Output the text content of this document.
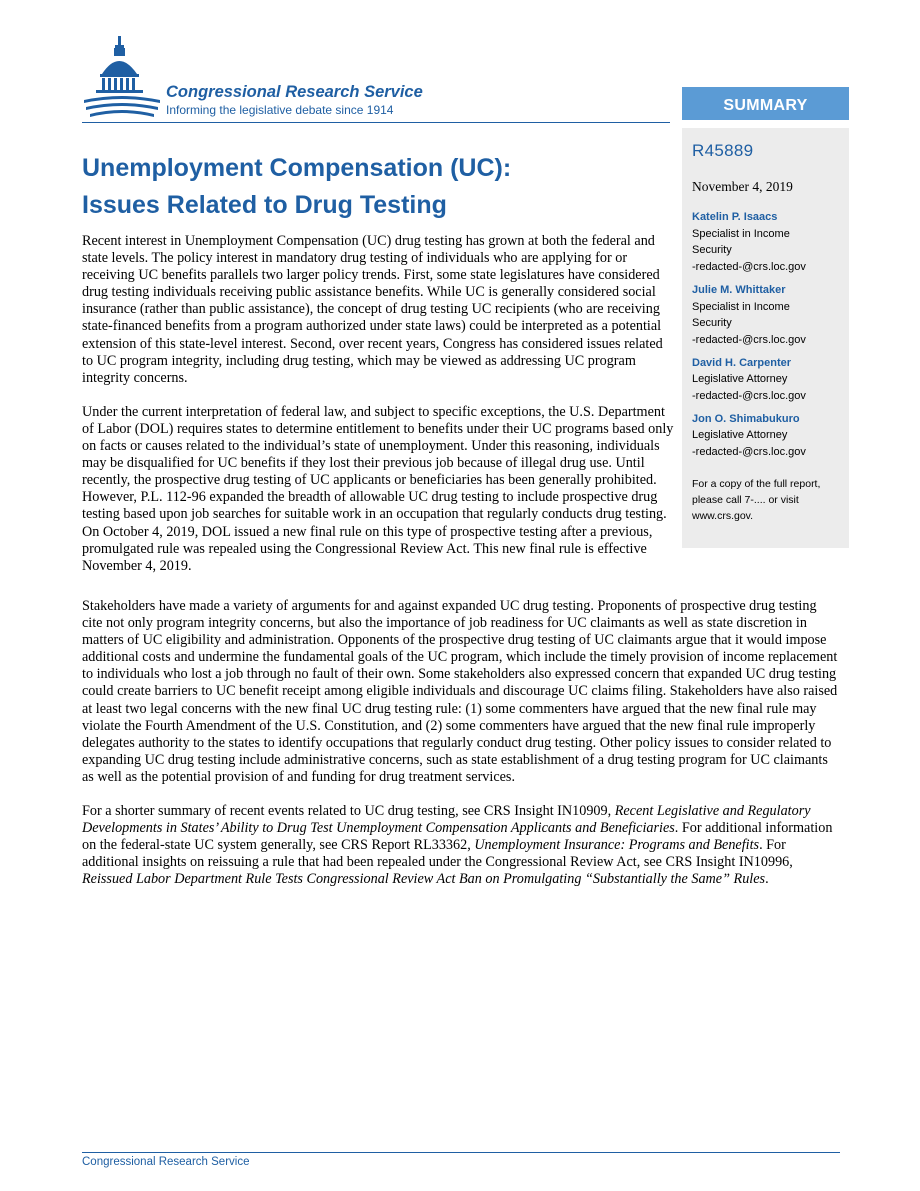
Congressional Research Service
Informing the legislative debate since 1914	SUMMARY
R45889
November 4, 2019
Katelin P. Isaacs
Specialist in Income
Security
-redacted-@crs.loc.gov
Julie M. Whittaker
Specialist in Income
Security
-redacted-@crs.loc.gov
David H. Carpenter
Legislative Attorney
-redacted-@crs.loc.gov
Jon O. Shimabukuro
Legislative Attorney
-redacted-@crs.loc.gov
For a copy of the full report,
please call 7-.... or visit
www.crs.gov.
Unemployment Compensation (UC):
Issues Related to Drug Testing

Recent interest in Unemployment Compensation (UC) drug testing has grown at both the federal and state levels. The policy interest in mandatory drug testing of individuals who are applying for or receiving UC benefits parallels two larger policy trends. First, some state legislatures have considered drug testing individuals receiving public assistance benefits. While UC is generally considered social insurance (rather than public assistance), the concept of drug testing UC recipients (who are receiving state-financed benefits from a program authorized under state laws) could be interpreted as a potential extension of this state-level interest. Second, over recent years, Congress has considered issues related to UC program integrity, including drug testing, which may be viewed as addressing UC program integrity concerns.

Under the current interpretation of federal law, and subject to specific exceptions, the U.S. Department of Labor (DOL) requires states to determine entitlement to benefits under their UC programs based only on facts or causes related to the individual’s state of unemployment. Under this reasoning, individuals may be disqualified for UC benefits if they lost their previous job because of illegal drug use. Until recently, the prospective drug testing of UC applicants or beneficiaries has been generally prohibited. However, P.L. 112-96 expanded the breadth of allowable UC drug testing to include prospective drug testing based upon job searches for suitable work in an occupation that regularly conducts drug testing. On October 4, 2019, DOL issued a new final rule on this type of prospective testing after a previous, promulgated rule was repealed using the Congressional Review Act. This new final rule is effective November 4, 2019.

Stakeholders have made a variety of arguments for and against expanded UC drug testing. Proponents of prospective drug testing cite not only program integrity concerns, but also the importance of job readiness for UC claimants as well as state discretion in matters of UC eligibility and administration. Opponents of the prospective drug testing of UC claimants argue that it would impose additional costs and undermine the fundamental goals of the UC program, which include the timely provision of income replacement to individuals who lost a job through no fault of their own. Some stakeholders also expressed concern that expanded UC drug testing could create barriers to UC benefit receipt among eligible individuals and discourage UC claims filing. Stakeholders have also raised at least two legal concerns with the new final UC drug testing rule: (1) some commenters have argued that the new final rule may violate the Fourth Amendment of the U.S. Constitution, and (2) some commenters have argued that the new final rule improperly delegates authority to the states to identify occupations that regularly conduct drug testing. Other policy issues to consider related to expanding UC drug testing include administrative concerns, such as state establishment of a drug testing program for UC claimants as well as the potential provision of and funding for drug treatment services.

For a shorter summary of recent events related to UC drug testing, see CRS Insight IN10909, Recent Legislative and Regulatory Developments in States’ Ability to Drug Test Unemployment Compensation Applicants and Beneficiaries. For additional information on the federal-state UC system generally, see CRS Report RL33362, Unemployment Insurance: Programs and Benefits. For additional insights on reissuing a rule that had been repealed under the Congressional Review Act, see CRS Insight IN10996, Reissued Labor Department Rule Tests Congressional Review Act Ban on Promulgating “Substantially the Same” Rules.

Congressional Research Service
